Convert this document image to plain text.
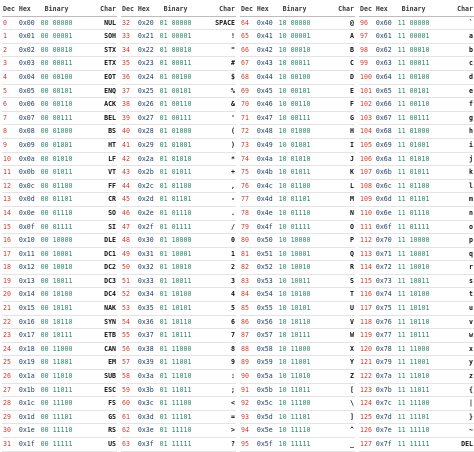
Dec Hex	Binary	Char
0	0x00 00 00000	NUL
1	0x01 00 00001	SOH
2	0x02 00 00010	STX
3	0x03 00 00011	ETX
4	0x04 00 00100	EOT
5	0x05 00 00101	ENQ
6	0x06 00 00110	ACK
7	0x07 00 00111	BEL
8	0x08 00 01000	BS
9	0x09 00 01001	HT
10	0x0a 00 01010	LF
11	0x0b 00 01011	VT
12	0x0c 00 01100	FF
13	0x0d 00 01101	CR
14	0x0e 00 01110	SO
15	0x0f 00 01111	SI
16	0x10 00 10000	DLE
17	0x11 00 10001	DC1
18	0x12 00 10010	DC2
19	0x13 00 10011	DC3
20	0x14 00 10100	DC4
21	0x15 00 10101	NAK
22	0x16 00 10110	SYN
23	0x17 00 10111	ETB
24	0x18 00 11000	CAN
25	0x19 00 11001	EM
26	0x1a 00 11010	SUB
27	0x1b 00 11011	ESC
28	0x1c 00 11100	FS
29	0x1d 00 11101	GS
30	0x1e 00 11110	RS
31	0x1f 00 11111	US
Dec Hex	Binary	Char
32	0x20 01 00000	SPACE
33	0x21 01 00001	!
34	0x22 01 00010	"
35	0x23 01 00011	#
36	0x24 01 00100	$
37	0x25 01 00101	%
38	0x26 01 00110	&
39	0x27 01 00111	'
40	0x28 01 01000	(
41	0x29 01 01001	)
42	0x2a 01 01010	*
43	0x2b 01 01011	+
44	0x2c 01 01100	,
45	0x2d 01 01101	-
46	0x2e 01 01110	.
47	0x2f 01 01111	/
48	0x30 01 10000	0
49	0x31 01 10001	1
50	0x32 01 10010	2
51	0x33 01 10011	3
52	0x34 01 10100	4
53	0x35 01 10101	5
54	0x36 01 10110	6
55	0x37 01 10111	7
56	0x38 01 11000	8
57	0x39 01 11001	9
58	0x3a 01 11010	:
59	0x3b 01 11011	;
60	0x3c 01 11100	<
61	0x3d 01 11101	=
62	0x3e 01 11110	>
63	0x3f 01 11111	?
Dec Hex	Binary	Char
64	0x40 10 00000	@
65	0x41 10 00001	A
66	0x42 10 00010	B
67	0x43 10 00011	C
68	0x44 10 00100	D
69	0x45 10 00101	E
70	0x46 10 00110	F
71	0x47 10 00111	G
72	0x48 10 01000	H
73	0x49 10 01001	I
74	0x4a 10 01010	J
75	0x4b 10 01011	K
76	0x4c 10 01100	L
77	0x4d 10 01101	M
78	0x4e 10 01110	N
79	0x4f 10 01111	O
80	0x50 10 10000	P
81	0x51 10 10001	Q
82	0x52 10 10010	R
83	0x53 10 10011	S
84	0x54 10 10100	T
85	0x55 10 10101	U
86	0x56 10 10110	V
87	0x57 10 10111	W
88	0x58 10 11000	X
89	0x59 10 11001	Y
90	0x5a 10 11010	Z
91	0x5b 10 11011	[
92	0x5c 10 11100	\
93	0x5d 10 11101	]
94	0x5e 10 11110	^
95	0x5f 10 11111	_
Dec Hex	Binary	Char
96	0x60 11 00000	`
97	0x61 11 00001	a
98	0x62 11 00010	b
99	0x63 11 00011	c
100 0x64 11 00100	d
101 0x65 11 00101	e
102 0x66 11 00110	f
103 0x67 11 00111	g
104 0x68 11 01000	h
105 0x69 11 01001	i
106 0x6a 11 01010	j
107 0x6b 11 01011	k
108 0x6c 11 01100	l
109 0x6d 11 01101	m
110 0x6e 11 01110	n
111 0x6f 11 01111	o
112 0x70 11 10000	p
113 0x71 11 10001	q
114 0x72 11 10010	r
115 0x73 11 10011	s
116 0x74 11 10100	t
117 0x75 11 10101	u
118 0x76 11 10110	v
119 0x77 11 10111	w
120 0x78 11 11000	x
121 0x79 11 11001	y
122 0x7a 11 11010	z
123 0x7b 11 11011	{
124 0x7c 11 11100	|
125 0x7d 11 11101	}
126 0x7e 11 11110	~
127 0x7f 11 11111	DEL
